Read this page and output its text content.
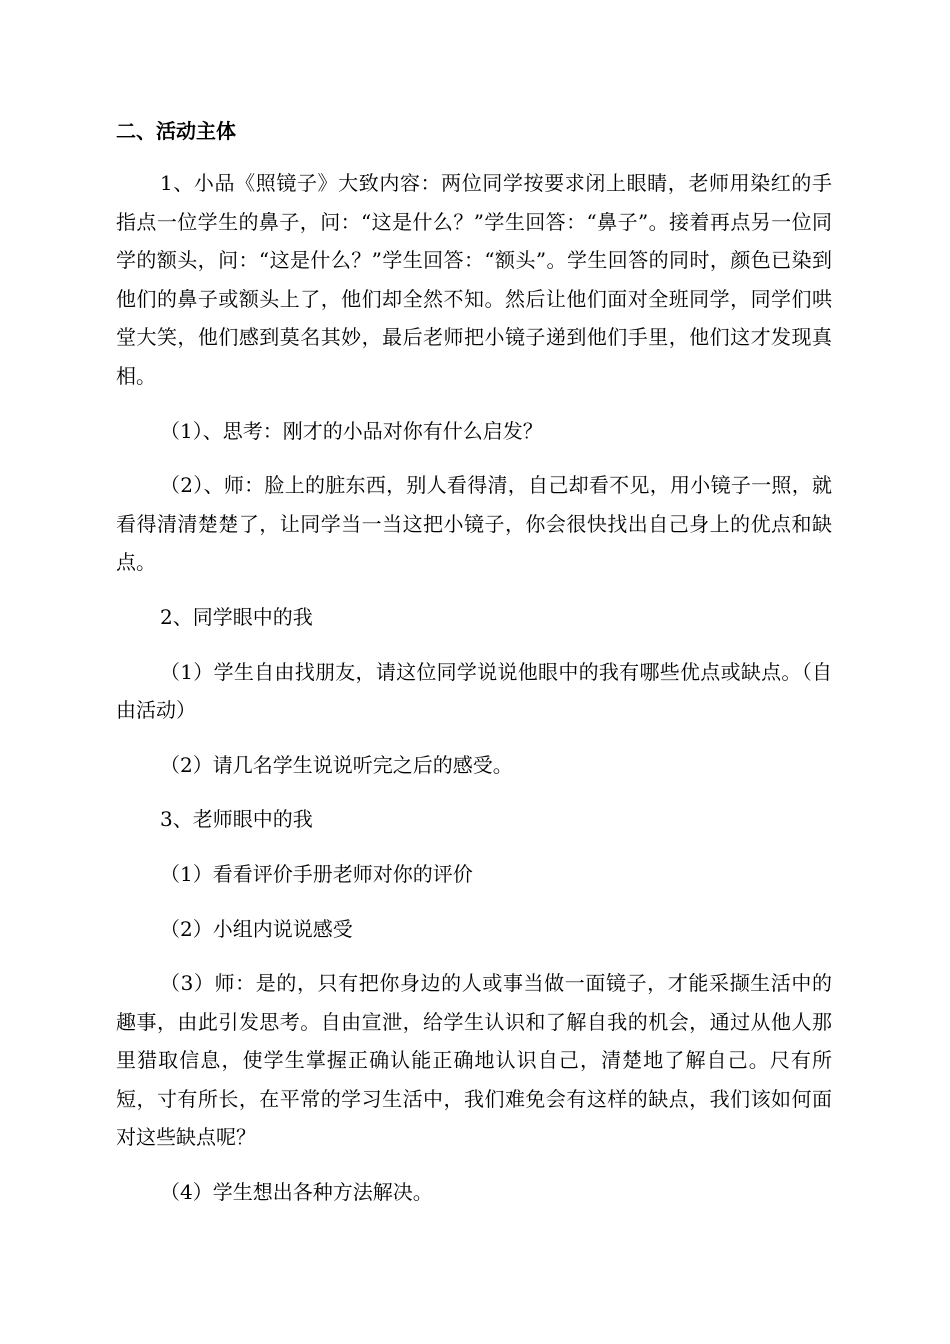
二、活动主体

1、小品《照镜子》大致内容：两位同学按要求闭上眼睛，老师用染红的手指点一位学生的鼻子，问：“这是什么？”学生回答：“鼻子”。接着再点另一位同学的额头，问：“这是什么？”学生回答：“额头”。学生回答的同时，颜色已染到他们的鼻子或额头上了，他们却全然不知。然后让他们面对全班同学，同学们哄堂大笑，他们感到莫名其妙，最后老师把小镜子递到他们手里，他们这才发现真相。

（1）、思考：刚才的小品对你有什么启发？

（2）、师：脸上的脏东西，别人看得清，自己却看不见，用小镜子一照，就看得清清楚楚了，让同学当一当这把小镜子，你会很快找出自己身上的优点和缺点。

2、同学眼中的我

（1）学生自由找朋友，请这位同学说说他眼中的我有哪些优点或缺点。（自由活动）

（2）请几名学生说说听完之后的感受。

3、老师眼中的我

（1）看看评价手册老师对你的评价

（2）小组内说说感受

（3）师：是的，只有把你身边的人或事当做一面镜子，才能采撷生活中的趣事，由此引发思考。自由宣泄，给学生认识和了解自我的机会，通过从他人那里猎取信息，使学生掌握正确认能正确地认识自己，清楚地了解自己。尺有所短，寸有所长，在平常的学习生活中，我们难免会有这样的缺点，我们该如何面对这些缺点呢？

（4）学生想出各种方法解决。
